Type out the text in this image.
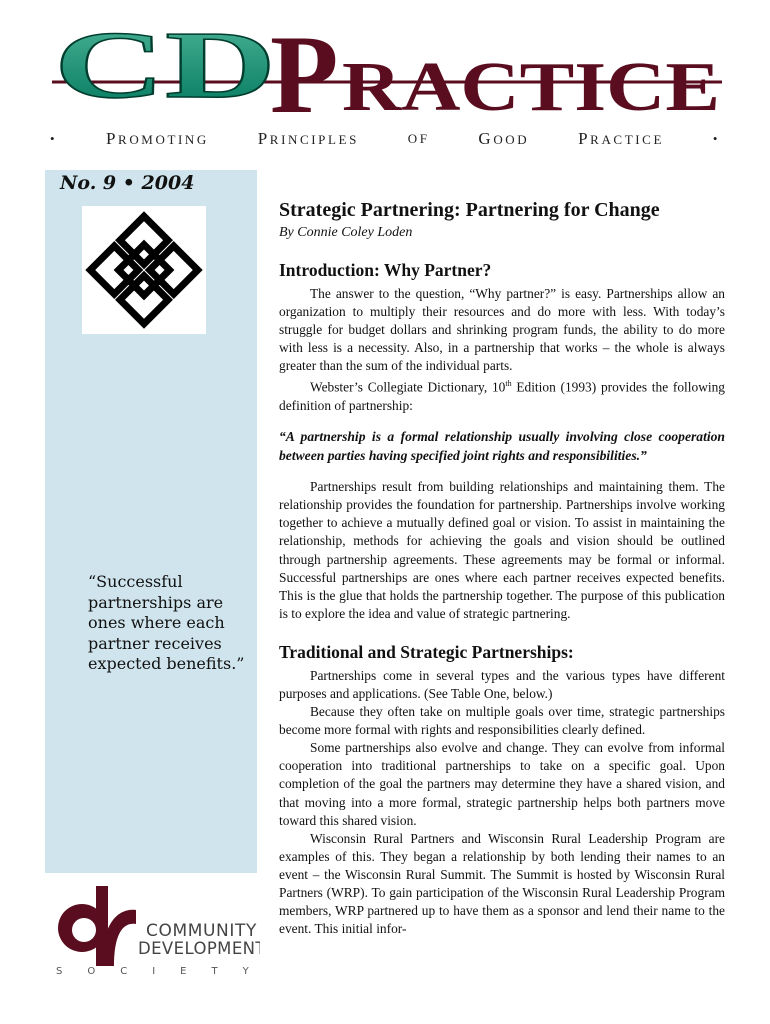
CD
P RACTICE
•	PROMOTING	PRINCIPLES	OF	GOOD	PRACTICE	•
No. 9 • 2004
“Successful partnerships are ones where each partner receives expected benefits.”
COMMUNITY
DEVELOPMENT
SOCIETY
Strategic Partnering: Partnering for Change
By Connie Coley Loden
Introduction: Why Partner?

The answer to the question, “Why partner?” is easy. Partnerships allow an organization to multiply their resources and do more with less. With today’s struggle for budget dollars and shrinking program funds, the ability to do more with less is a necessity. Also, in a partnership that works – the whole is always greater than the sum of the individual parts.

Webster’s Collegiate Dictionary, 10th Edition (1993) provides the following definition of partnership:

“A partnership is a formal relationship usually involving close cooperation between parties having specified joint rights and responsibilities.”

Partnerships result from building relationships and maintaining them. The relationship provides the foundation for partnership. Partnerships involve working together to achieve a mutually defined goal or vision. To assist in maintaining the relationship, methods for achieving the goals and vision should be outlined through partnership agreements. These agreements may be formal or informal. Successful partnerships are ones where each partner receives expected benefits. This is the glue that holds the partnership together. The purpose of this publication is to explore the idea and value of strategic partnering.

Traditional and Strategic Partnerships:

Partnerships come in several types and the various types have different purposes and applications. (See Table One, below.)

Because they often take on multiple goals over time, strategic partnerships become more formal with rights and responsibilities clearly defined.

Some partnerships also evolve and change. They can evolve from informal cooperation into traditional partnerships to take on a specific goal. Upon completion of the goal the partners may determine they have a shared vision, and that moving into a more formal, strategic partnership helps both partners move toward this shared vision.

Wisconsin Rural Partners and Wisconsin Rural Leadership Program are examples of this. They began a relationship by both lending their names to an event – the Wisconsin Rural Summit. The Summit is hosted by Wisconsin Rural Partners (WRP). To gain participation of the Wisconsin Rural Leadership Program members, WRP partnered up to have them as a sponsor and lend their name to the event. This initial infor-
